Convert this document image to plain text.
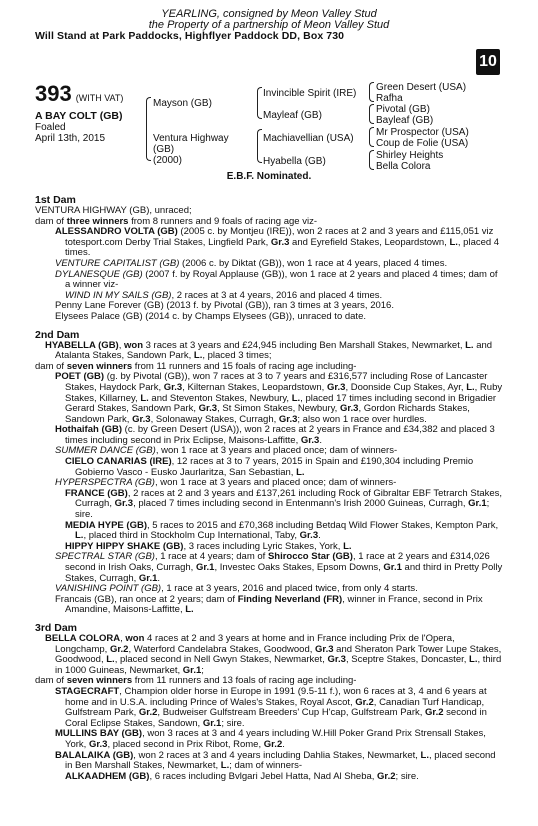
YEARLING, consigned by Meon Valley Stud
the Property of a partnership of Meon Valley Stud
Will Stand at Park Paddocks, Highflyer Paddock DD, Box 730
10
393 (WITH VAT)
A BAY COLT (GB)
Foaled
April 13th, 2015
Mayson (GB)
Ventura Highway
(GB)
(2000)
Invincible Spirit (IRE)
Mayleaf (GB)
Machiavellian (USA)
Hyabella (GB)
Green Desert (USA)
Rafha
Pivotal (GB)
Bayleaf (GB)
Mr Prospector (USA)
Coup de Folie (USA)
Shirley Heights
Bella Colora
E.B.F. Nominated.

1st Dam

VENTURA HIGHWAY (GB), unraced;

dam of three winners from 8 runners and 9 foals of racing age viz-

ALESSANDRO VOLTA (GB) (2005 c. by Montjeu (IRE)), won 2 races at 2 and 3 years and £115,051 viz totesport.com Derby Trial Stakes, Lingfield Park, Gr.3 and Eyrefield Stakes, Leopardstown, L., placed 4 times.

VENTURE CAPITALIST (GB) (2006 c. by Diktat (GB)), won 1 race at 4 years, placed 4 times.

DYLANESQUE (GB) (2007 f. by Royal Applause (GB)), won 1 race at 2 years and placed 4 times; dam of a winner viz-

WIND IN MY SAILS (GB), 2 races at 3 at 4 years, 2016 and placed 4 times.

Penny Lane Forever (GB) (2013 f. by Pivotal (GB)), ran 3 times at 3 years, 2016.

Elysees Palace (GB) (2014 c. by Champs Elysees (GB)), unraced to date.

2nd Dam

HYABELLA (GB), won 3 races at 3 years and £24,945 including Ben Marshall Stakes, Newmarket, L. and Atalanta Stakes, Sandown Park, L., placed 3 times;

dam of seven winners from 11 runners and 15 foals of racing age including-

POET (GB) (g. by Pivotal (GB)), won 7 races at 3 to 7 years and £316,577 including Rose of Lancaster Stakes, Haydock Park, Gr.3, Kilternan Stakes, Leopardstown, Gr.3, Doonside Cup Stakes, Ayr, L., Ruby Stakes, Killarney, L. and Steventon Stakes, Newbury, L., placed 17 times including second in Brigadier Gerard Stakes, Sandown Park, Gr.3, St Simon Stakes, Newbury, Gr.3, Gordon Richards Stakes, Sandown Park, Gr.3, Solonaway Stakes, Curragh, Gr.3; also won 1 race over hurdles.

Hothaifah (GB) (c. by Green Desert (USA)), won 2 races at 2 years in France and £34,382 and placed 3 times including second in Prix Eclipse, Maisons-Laffitte, Gr.3.

SUMMER DANCE (GB), won 1 race at 3 years and placed once; dam of winners-

CIELO CANARIAS (IRE), 12 races at 3 to 7 years, 2015 in Spain and £190,304 including Premio Gobierno Vasco - Eusko Jaurlaritza, San Sebastian, L.

HYPERSPECTRA (GB), won 1 race at 3 years and placed once; dam of winners-

FRANCE (GB), 2 races at 2 and 3 years and £137,261 including Rock of Gibraltar EBF Tetrarch Stakes, Curragh, Gr.3, placed 7 times including second in Entenmann's Irish 2000 Guineas, Curragh, Gr.1; sire.

MEDIA HYPE (GB), 5 races to 2015 and £70,368 including Betdaq Wild Flower Stakes, Kempton Park, L., placed third in Stockholm Cup International, Taby, Gr.3.

HIPPY HIPPY SHAKE (GB), 3 races including Lyric Stakes, York, L.

SPECTRAL STAR (GB), 1 race at 4 years; dam of Shirocco Star (GB), 1 race at 2 years and £314,026 second in Irish Oaks, Curragh, Gr.1, Investec Oaks Stakes, Epsom Downs, Gr.1 and third in Pretty Polly Stakes, Curragh, Gr.1.

VANISHING POINT (GB), 1 race at 3 years, 2016 and placed twice, from only 4 starts.

Francais (GB), ran once at 2 years; dam of Finding Neverland (FR), winner in France, second in Prix Amandine, Maisons-Laffitte, L.

3rd Dam

BELLA COLORA, won 4 races at 2 and 3 years at home and in France including Prix de l'Opera, Longchamp, Gr.2, Waterford Candelabra Stakes, Goodwood, Gr.3 and Sheraton Park Tower Lupe Stakes, Goodwood, L., placed second in Nell Gwyn Stakes, Newmarket, Gr.3, Sceptre Stakes, Doncaster, L., third in 1000 Guineas, Newmarket, Gr.1;

dam of seven winners from 11 runners and 13 foals of racing age including-

STAGECRAFT, Champion older horse in Europe in 1991 (9.5-11 f.), won 6 races at 3, 4 and 6 years at home and in U.S.A. including Prince of Wales's Stakes, Royal Ascot, Gr.2, Canadian Turf Handicap, Gulfstream Park, Gr.2, Budweiser Gulfstream Breeders' Cup H'cap, Gulfstream Park, Gr.2 second in Coral Eclipse Stakes, Sandown, Gr.1; sire.

MULLINS BAY (GB), won 3 races at 3 and 4 years including W.Hill Poker Grand Prix Strensall Stakes, York, Gr.3, placed second in Prix Ribot, Rome, Gr.2.

BALALAIKA (GB), won 2 races at 3 and 4 years including Dahlia Stakes, Newmarket, L., placed second in Ben Marshall Stakes, Newmarket, L.; dam of winners-

ALKAADHEM (GB), 6 races including Bvlgari Jebel Hatta, Nad Al Sheba, Gr.2; sire.
